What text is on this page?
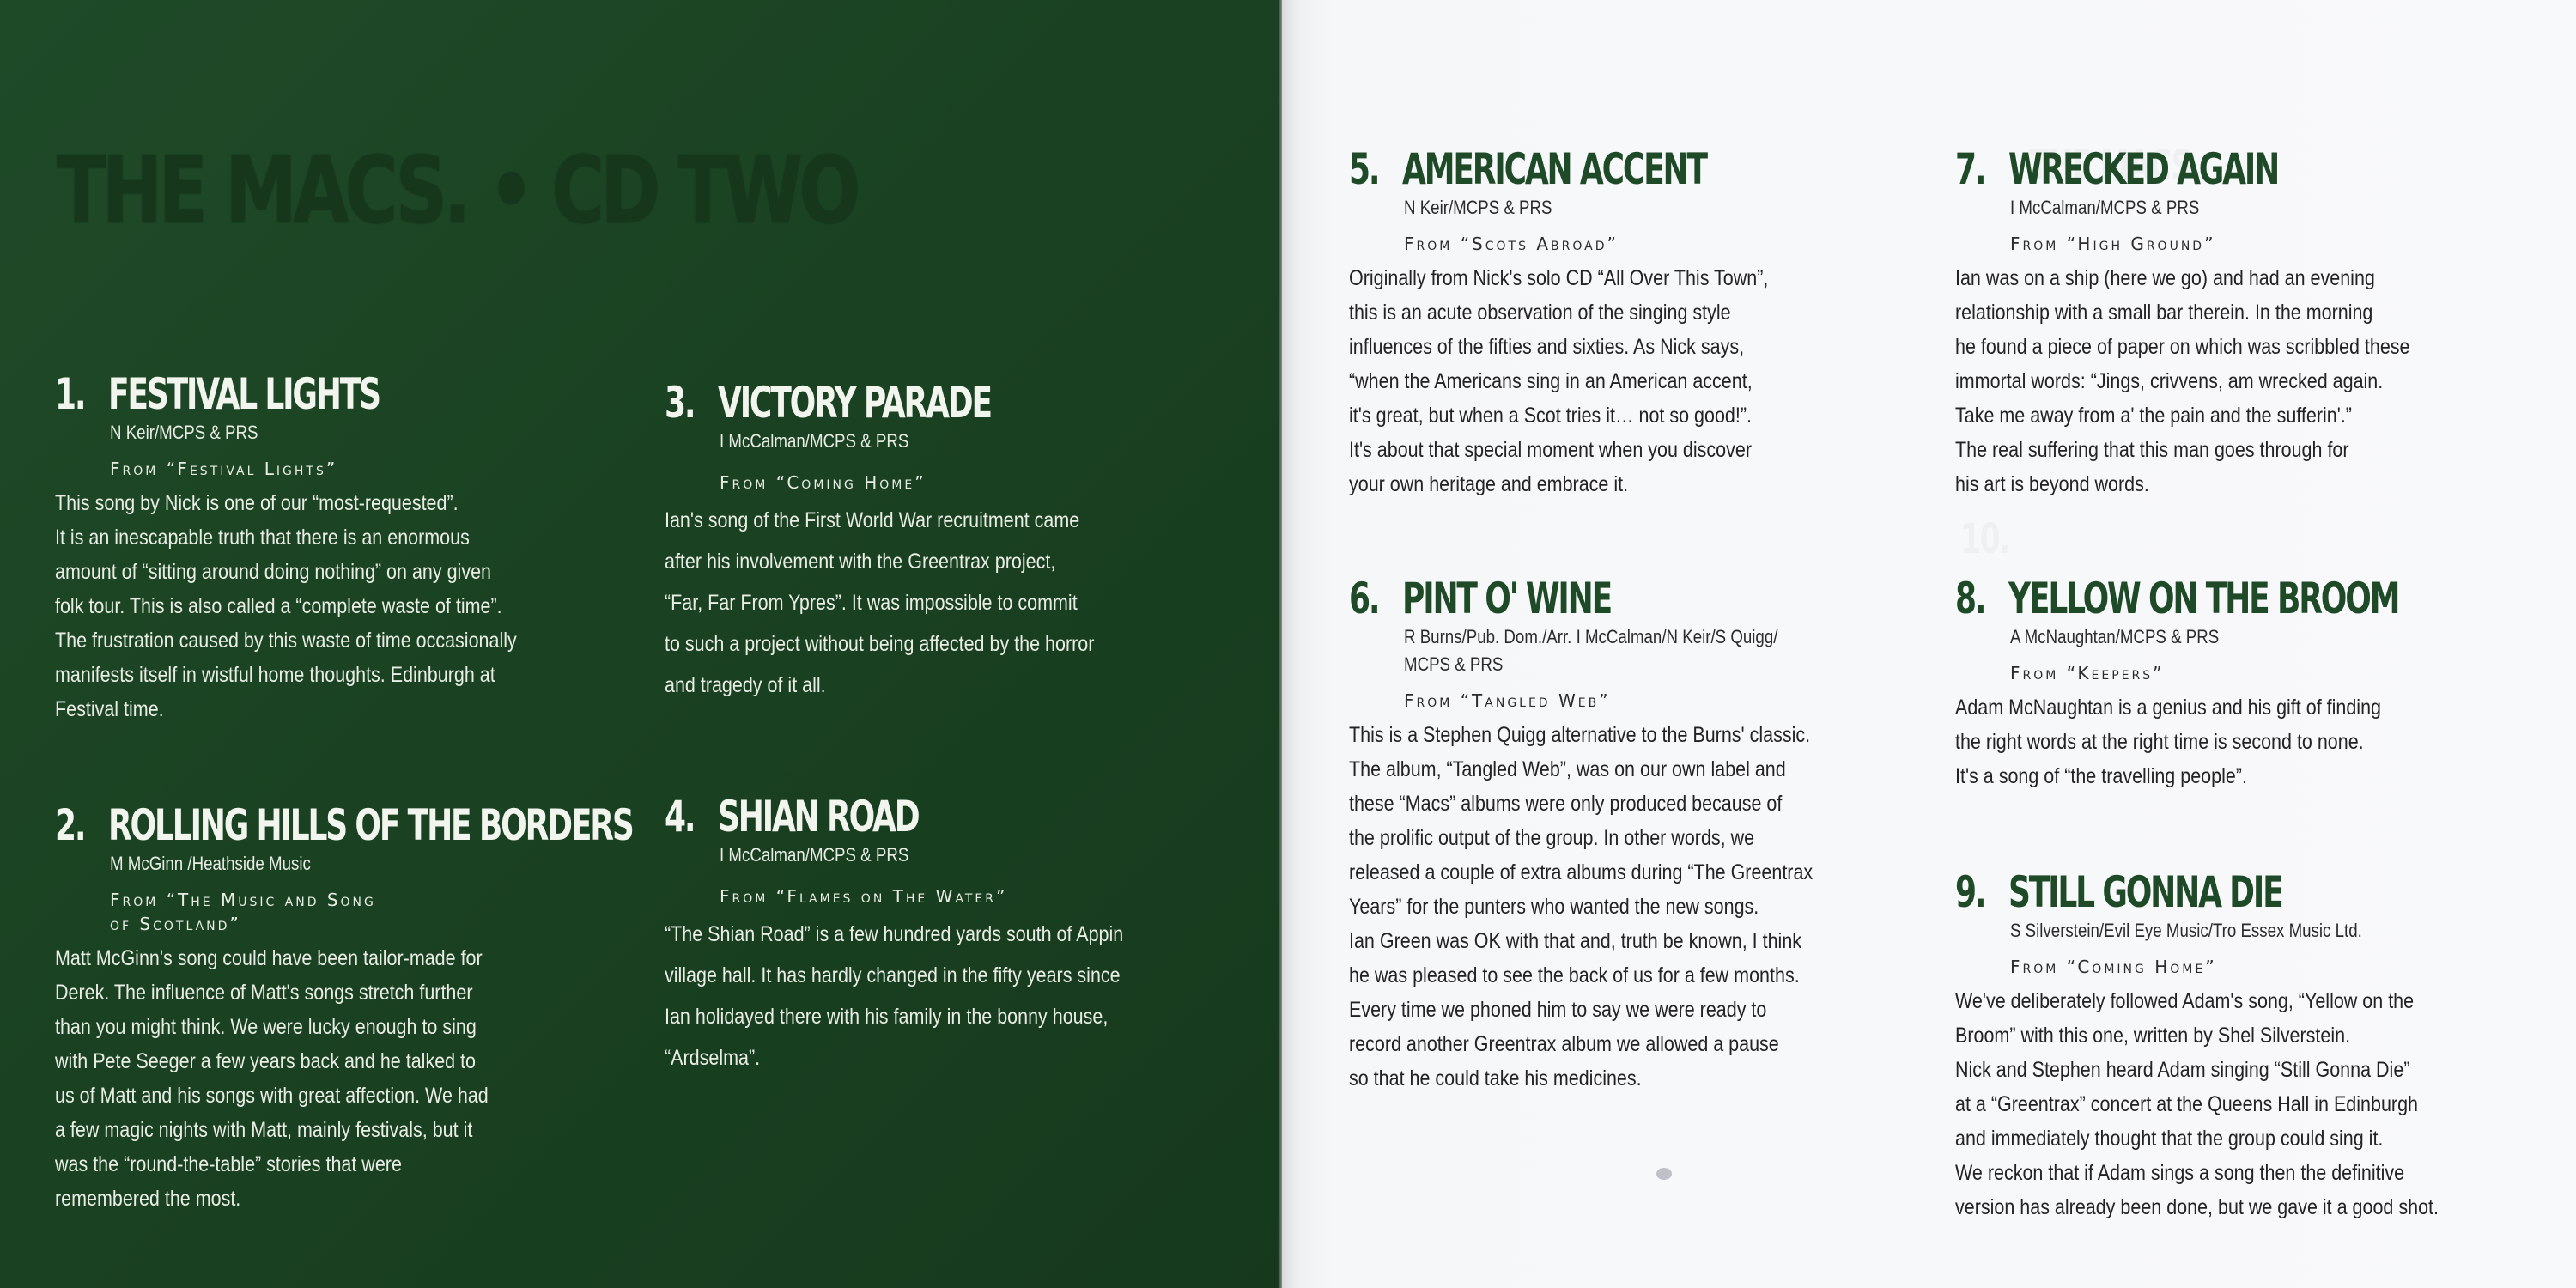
THE MACS. • CD TWO
1. FESTIVAL LIGHTS
N Keir/MCPS & PRS
From “Festival Lights”
This song by Nick is one of our “most-requested”.
It is an inescapable truth that there is an enormous
amount of “sitting around doing nothing” on any given
folk tour. This is also called a “complete waste of time”.
The frustration caused by this waste of time occasionally
manifests itself in wistful home thoughts. Edinburgh at
Festival time.
2. ROLLING HILLS OF THE BORDERS
M McGinn /Heathside Music
From “The Music and Song
of Scotland”
Matt McGinn's song could have been tailor-made for
Derek. The influence of Matt's songs stretch further
than you might think. We were lucky enough to sing
with Pete Seeger a few years back and he talked to
us of Matt and his songs with great affection. We had
a few magic nights with Matt, mainly festivals, but it
was the “round-the-table” stories that were
remembered the most.
3. VICTORY PARADE
I McCalman/MCPS & PRS
From “Coming Home”
Ian's song of the First World War recruitment came
after his involvement with the Greentrax project,
“Far, Far From Ypres”. It was impossible to commit
to such a project without being affected by the horror
and tragedy of it all.
4. SHIAN ROAD
I McCalman/MCPS & PRS
From “Flames on The Water”
“The Shian Road” is a few hundred yards south of Appin
village hall. It has hardly changed in the fifty years since
Ian holidayed there with his family in the bonny house,
“Ardselma”.
5. AMERICAN ACCENT
N Keir/MCPS & PRS
From “Scots Abroad”
Originally from Nick's solo CD “All Over This Town”,
this is an acute observation of the singing style
influences of the fifties and sixties. As Nick says,
“when the Americans sing in an American accent,
it's great, but when a Scot tries it… not so good!”.
It's about that special moment when you discover
your own heritage and embrace it.
6. PINT O' WINE
R Burns/Pub. Dom./Arr. I McCalman/N Keir/S Quigg/
MCPS & PRS
From “Tangled Web”
This is a Stephen Quigg alternative to the Burns' classic.
The album, “Tangled Web”, was on our own label and
these “Macs” albums were only produced because of
the prolific output of the group. In other words, we
released a couple of extra albums during “The Greentrax
Years” for the punters who wanted the new songs.
Ian Green was OK with that and, truth be known, I think
he was pleased to see the back of us for a few months.
Every time we phoned him to say we were ready to
record another Greentrax album we allowed a pause
so that he could take his medicines.
7. WRECKED AGAIN
I McCalman/MCPS & PRS
From “High Ground”
Ian was on a ship (here we go) and had an evening
relationship with a small bar therein. In the morning
he found a piece of paper on which was scribbled these
immortal words: “Jings, crivvens, am wrecked again.
Take me away from a' the pain and the sufferin'.”
The real suffering that this man goes through for
his art is beyond words.
8. YELLOW ON THE BROOM
A McNaughtan/MCPS & PRS
From “Keepers”
Adam McNaughtan is a genius and his gift of finding
the right words at the right time is second to none.
It's a song of “the travelling people”.
9. STILL GONNA DIE
S Silverstein/Evil Eye Music/Tro Essex Music Ltd.
From “Coming Home”
We've deliberately followed Adam's song, “Yellow on the
Broom” with this one, written by Shel Silverstein.
Nick and Stephen heard Adam singing “Still Gonna Die”
at a “Greentrax” concert at the Queens Hall in Edinburgh
and immediately thought that the group could sing it.
We reckon that if Adam sings a song then the definitive
version has already been done, but we gave it a good shot.
